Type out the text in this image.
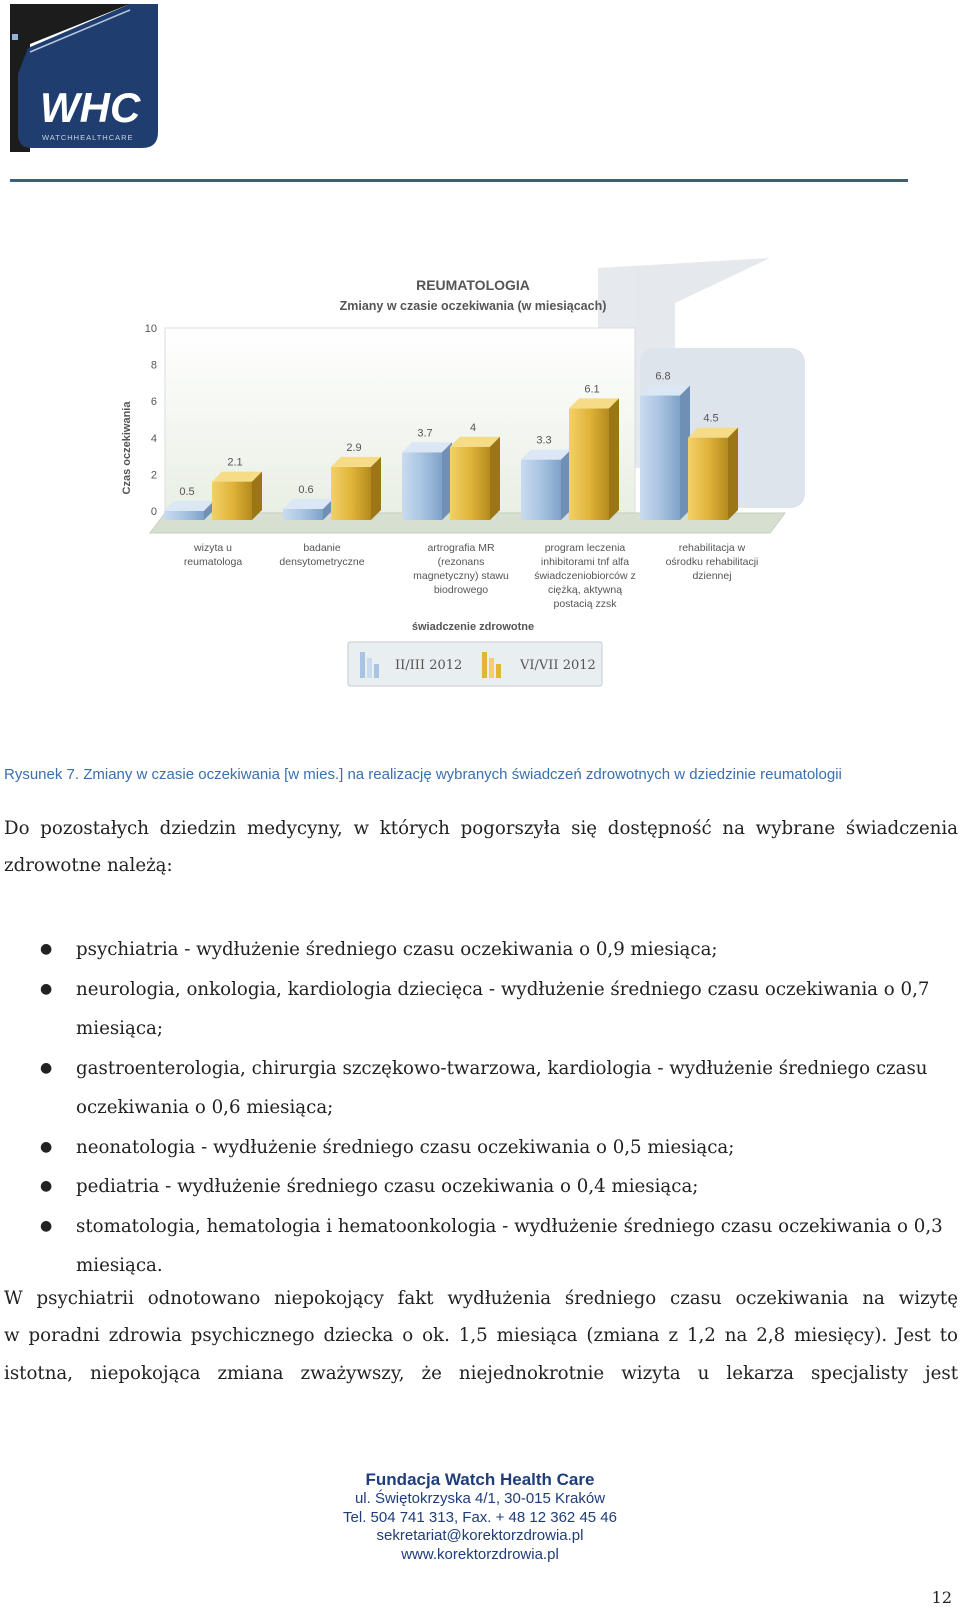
WHC
WATCHHEALTHCARE
REUMATOLOGIA
Zmiany w czasie oczekiwania (w miesiącach)
Czas oczekiwania
świadczenie zdrowotne
10
8
6
4
2
0
0.5	0.6
3.7
3.3
6.8
2.1
2.9
4
6.1
4.5
wizyta u reumatologa
badanie densytometryczne
artrografia MR (rezonans magnetyczny) stawu biodrowego
program leczenia inhibitorami tnf alfa świadczeniobiorców z ciężką, aktywną postacią zzsk
rehabilitacja w ośrodku rehabilitacji dziennej
II/III 2012	VI/VII 2012
Rysunek 7. Zmiany w czasie oczekiwania [w mies.] na realizację wybranych świadczeń zdrowotnych w dziedzinie reumatologii
Do pozostałych dziedzin medycyny, w których pogorszyła się dostępność na wybrane świadczenia
zdrowotne należą:
● psychiatria - wydłużenie średniego czasu oczekiwania o 0,9 miesiąca;
● neurologia, onkologia, kardiologia dziecięca - wydłużenie średniego czasu oczekiwania o 0,7 miesiąca;
● gastroenterologia, chirurgia szczękowo-twarzowa, kardiologia - wydłużenie średniego czasu oczekiwania o 0,6 miesiąca;
● neonatologia - wydłużenie średniego czasu oczekiwania o 0,5 miesiąca;
● pediatria - wydłużenie średniego czasu oczekiwania o 0,4 miesiąca;
● stomatologia, hematologia i hematoonkologia - wydłużenie średniego czasu oczekiwania o 0,3 miesiąca.
W psychiatrii odnotowano niepokojący fakt wydłużenia średniego czasu oczekiwania na wizytę
w poradni zdrowia psychicznego dziecka o ok. 1,5 miesiąca (zmiana z 1,2 na 2,8 miesięcy). Jest to
istotna, niepokojąca zmiana zważywszy, że niejednokrotnie wizyta u lekarza specjalisty jest
Fundacja Watch Health Care
ul. Świętokrzyska 4/1, 30-015 Kraków
Tel. 504 741 313, Fax. + 48 12 362 45 46
sekretariat@korektorzdrowia.pl
www.korektorzdrowia.pl
12
